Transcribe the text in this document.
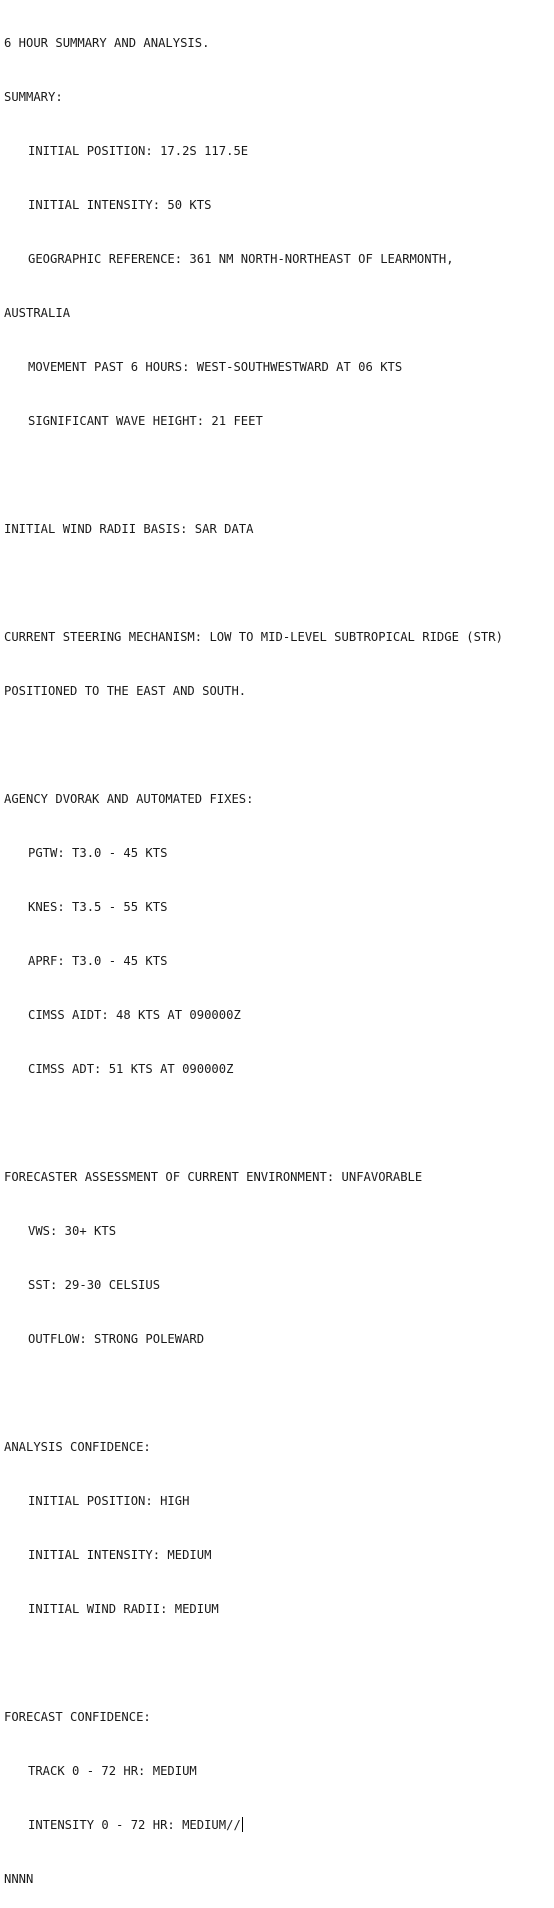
6 HOUR SUMMARY AND ANALYSIS.

SUMMARY:

INITIAL POSITION: 17.2S 117.5E

INITIAL INTENSITY: 50 KTS

GEOGRAPHIC REFERENCE: 361 NM NORTH-NORTHEAST OF LEARMONTH,

AUSTRALIA

MOVEMENT PAST 6 HOURS: WEST-SOUTHWESTWARD AT 06 KTS

SIGNIFICANT WAVE HEIGHT: 21 FEET

INITIAL WIND RADII BASIS: SAR DATA

CURRENT STEERING MECHANISM: LOW TO MID-LEVEL SUBTROPICAL RIDGE (STR)

POSITIONED TO THE EAST AND SOUTH.

AGENCY DVORAK AND AUTOMATED FIXES:

PGTW: T3.0 - 45 KTS

KNES: T3.5 - 55 KTS

APRF: T3.0 - 45 KTS

CIMSS AIDT: 48 KTS AT 090000Z

CIMSS ADT: 51 KTS AT 090000Z

FORECASTER ASSESSMENT OF CURRENT ENVIRONMENT: UNFAVORABLE

VWS: 30+ KTS

SST: 29-30 CELSIUS

OUTFLOW: STRONG POLEWARD

ANALYSIS CONFIDENCE:

INITIAL POSITION: HIGH

INITIAL INTENSITY: MEDIUM

INITIAL WIND RADII: MEDIUM

FORECAST CONFIDENCE:

TRACK 0 - 72 HR: MEDIUM

INTENSITY 0 - 72 HR: MEDIUM//

NNNN
